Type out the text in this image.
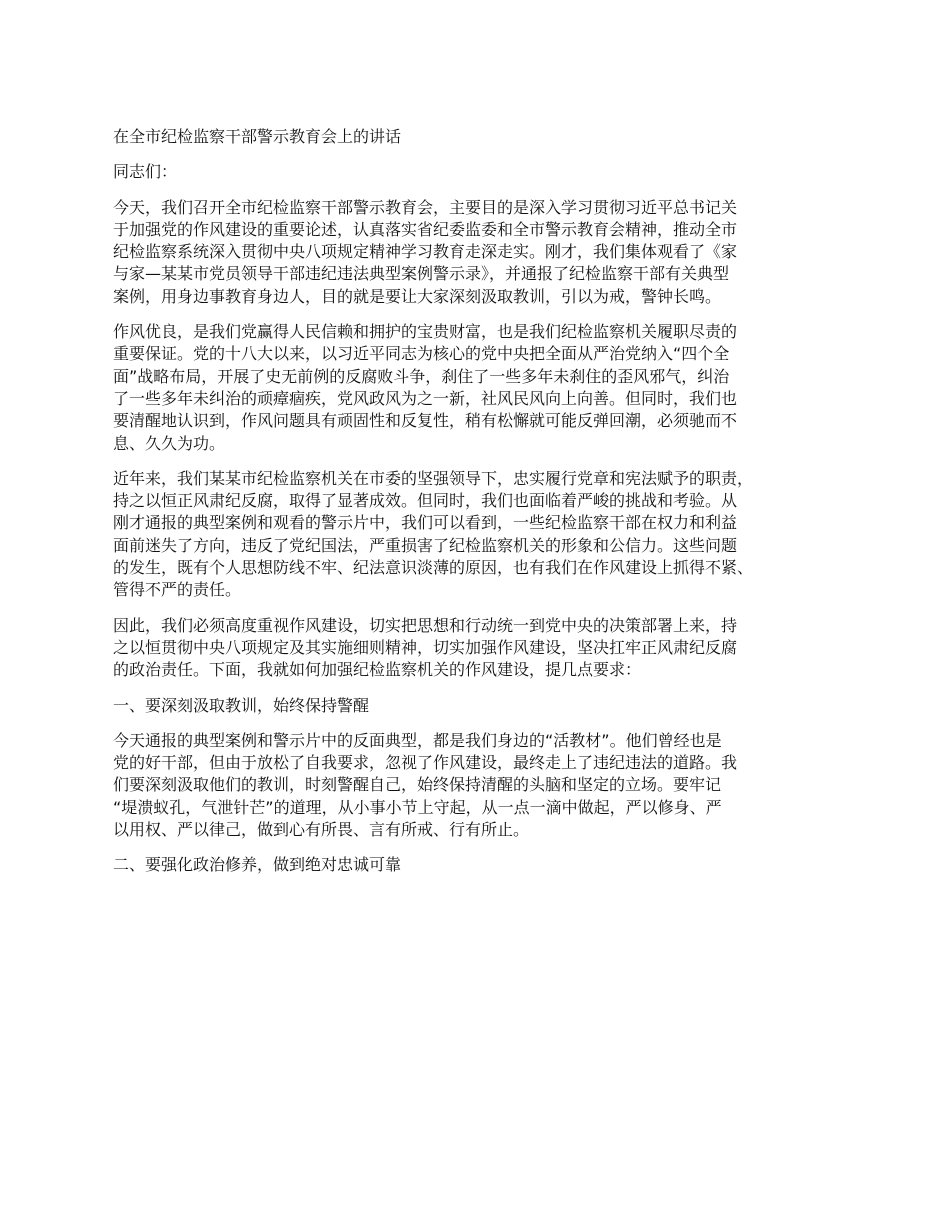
在全市纪检监察干部警示教育会上的讲话

同志们：

今天，我们召开全市纪检监察干部警示教育会，主要目的是深入学习贯彻习近平总书记关
于加强党的作风建设的重要论述，认真落实省纪委监委和全市警示教育会精神，推动全市
纪检监察系统深入贯彻中央八项规定精神学习教育走深走实。刚才，我们集体观看了《家
与家—某某市党员领导干部违纪违法典型案例警示录》，并通报了纪检监察干部有关典型
案例，用身边事教育身边人，目的就是要让大家深刻汲取教训，引以为戒，警钟长鸣。

作风优良，是我们党赢得人民信赖和拥护的宝贵财富，也是我们纪检监察机关履职尽责的
重要保证。党的十八大以来，以习近平同志为核心的党中央把全面从严治党纳入“四个全
面”战略布局，开展了史无前例的反腐败斗争，刹住了一些多年未刹住的歪风邪气，纠治
了一些多年未纠治的顽瘴痼疾，党风政风为之一新，社风民风向上向善。但同时，我们也
要清醒地认识到，作风问题具有顽固性和反复性，稍有松懈就可能反弹回潮，必须驰而不
息、久久为功。

近年来，我们某某市纪检监察机关在市委的坚强领导下，忠实履行党章和宪法赋予的职责，
持之以恒正风肃纪反腐，取得了显著成效。但同时，我们也面临着严峻的挑战和考验。从
刚才通报的典型案例和观看的警示片中，我们可以看到，一些纪检监察干部在权力和利益
面前迷失了方向，违反了党纪国法，严重损害了纪检监察机关的形象和公信力。这些问题
的发生，既有个人思想防线不牢、纪法意识淡薄的原因，也有我们在作风建设上抓得不紧、
管得不严的责任。

因此，我们必须高度重视作风建设，切实把思想和行动统一到党中央的决策部署上来，持
之以恒贯彻中央八项规定及其实施细则精神，切实加强作风建设，坚决扛牢正风肃纪反腐
的政治责任。下面，我就如何加强纪检监察机关的作风建设，提几点要求：

一、要深刻汲取教训，始终保持警醒

今天通报的典型案例和警示片中的反面典型，都是我们身边的“活教材”。他们曾经也是
党的好干部，但由于放松了自我要求，忽视了作风建设，最终走上了违纪违法的道路。我
们要深刻汲取他们的教训，时刻警醒自己，始终保持清醒的头脑和坚定的立场。要牢记
“堤溃蚁孔，气泄针芒”的道理，从小事小节上守起，从一点一滴中做起，严以修身、严
以用权、严以律己，做到心有所畏、言有所戒、行有所止。

二、要强化政治修养，做到绝对忠诚可靠
